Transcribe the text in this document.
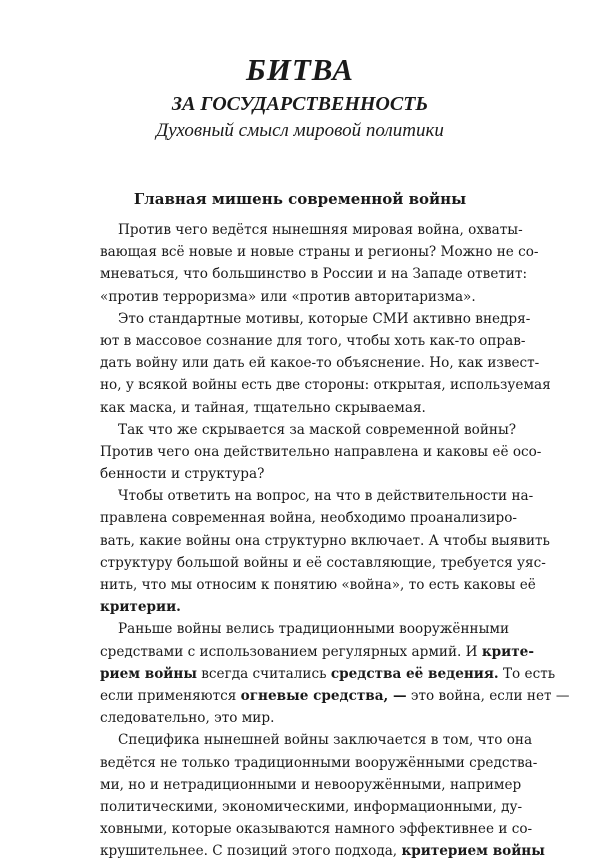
БИТВА
ЗА ГОСУДАРСТВЕННОСТЬ
Духовный смысл мировой политики
Главная мишень современной войны
Против чего ведётся нынешняя мировая война, охваты-
вающая всё новые и новые страны и регионы? Можно не со-
мневаться, что большинство в России и на Западе ответит:
«против терроризма» или «против авторитаризма».
Это стандартные мотивы, которые СМИ активно внедря-
ют в массовое сознание для того, чтобы хоть как-то оправ-
дать войну или дать ей какое-то объяснение. Но, как извест-
но, у всякой войны есть две стороны: открытая, используемая
как маска, и тайная, тщательно скрываемая.
Так что же скрывается за маской современной войны?
Против чего она действительно направлена и каковы её осо-
бенности и структура?
Чтобы ответить на вопрос, на что в действительности на-
правлена современная война, необходимо проанализиро-
вать, какие войны она структурно включает. А чтобы выявить
структуру большой войны и её составляющие, требуется уяс-
нить, что мы относим к понятию «война», то есть каковы её
критерии.
Раньше войны велись традиционными вооружёнными
средствами с использованием регулярных армий. И крите-
рием войны всегда считались средства её ведения. То есть
если применяются огневые средства, — это война, если нет —
следовательно, это мир.
Специфика нынешней войны заключается в том, что она
ведётся не только традиционными вооружёнными средства-
ми, но и нетрадиционными и невооружёнными, например
политическими, экономическими, информационными, ду-
ховными, которые оказываются намного эффективнее и со-
крушительнее. С позиций этого подхода, критерием войны
